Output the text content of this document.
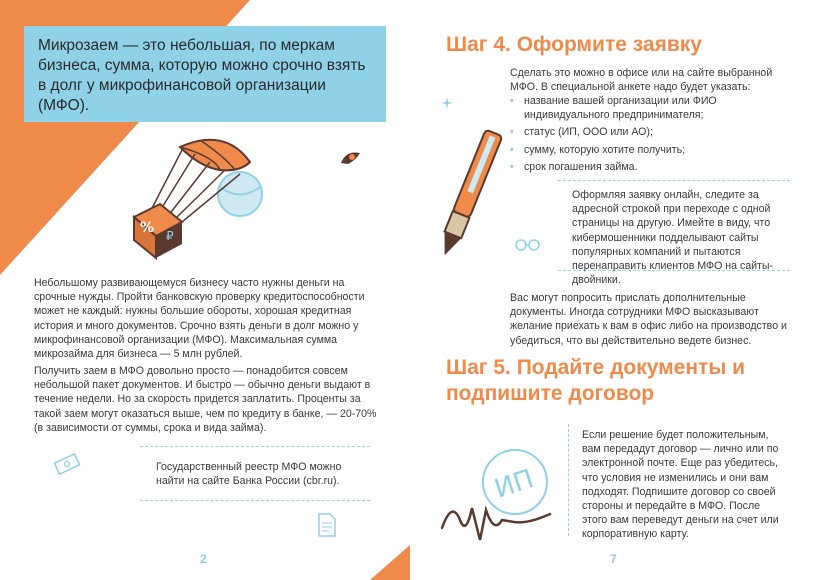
Микрозаем — это небольшая, по меркам бизнеса, сумма, которую можно срочно взять в долг у микрофинансовой организации (МФО).
% ₽
Небольшому развивающемуся бизнесу часто нужны деньги на срочные нужды. Пройти банковскую проверку кредитоспособности может не каждый: нужны большие обороты, хорошая кредитная история и много документов. Срочно взять деньги в долг можно у микрофинансовой организации (МФО). Максимальная сумма микрозайма для бизнеса — 5 млн рублей.
Получить заем в МФО довольно просто — понадобится совсем небольшой пакет документов. И быстро — обычно деньги выдают в течение недели. Но за скорость придется заплатить. Проценты за такой заем могут оказаться выше, чем по кредиту в банке, — 20-70% (в зависимости от суммы, срока и вида займа).
Государственный реестр МФО можно найти на сайте Банка России (cbr.ru).
2
Шаг 4. Оформите заявку
Сделать это можно в офисе или на сайте выбранной МФО. В специальной анкете надо будет указать:
• название вашей организации или ФИО индивидуального предпринимателя;
• статус (ИП, ООО или АО);
• сумму, которую хотите получить;
• срок погашения займа.
Оформляя заявку онлайн, следите за адресной строкой при переходе с одной страницы на другую. Имейте в виду, что кибермошенники подделывают сайты популярных компаний и пытаются перенаправить клиентов МФО на сайты-двойники.
Вас могут попросить прислать дополнительные документы. Иногда сотрудники МФО высказывают желание приехать к вам в офис либо на производство и убедиться, что вы действительно ведете бизнес.
Шаг 5. Подайте документы и подпишите договор
ИП
Если решение будет положительным, вам передадут договор — лично или по электронной почте. Еще раз убедитесь, что условия не изменились и они вам подходят. Подпишите договор со своей стороны и передайте в МФО. После этого вам переведут деньги на счет или корпоративную карту.
7
